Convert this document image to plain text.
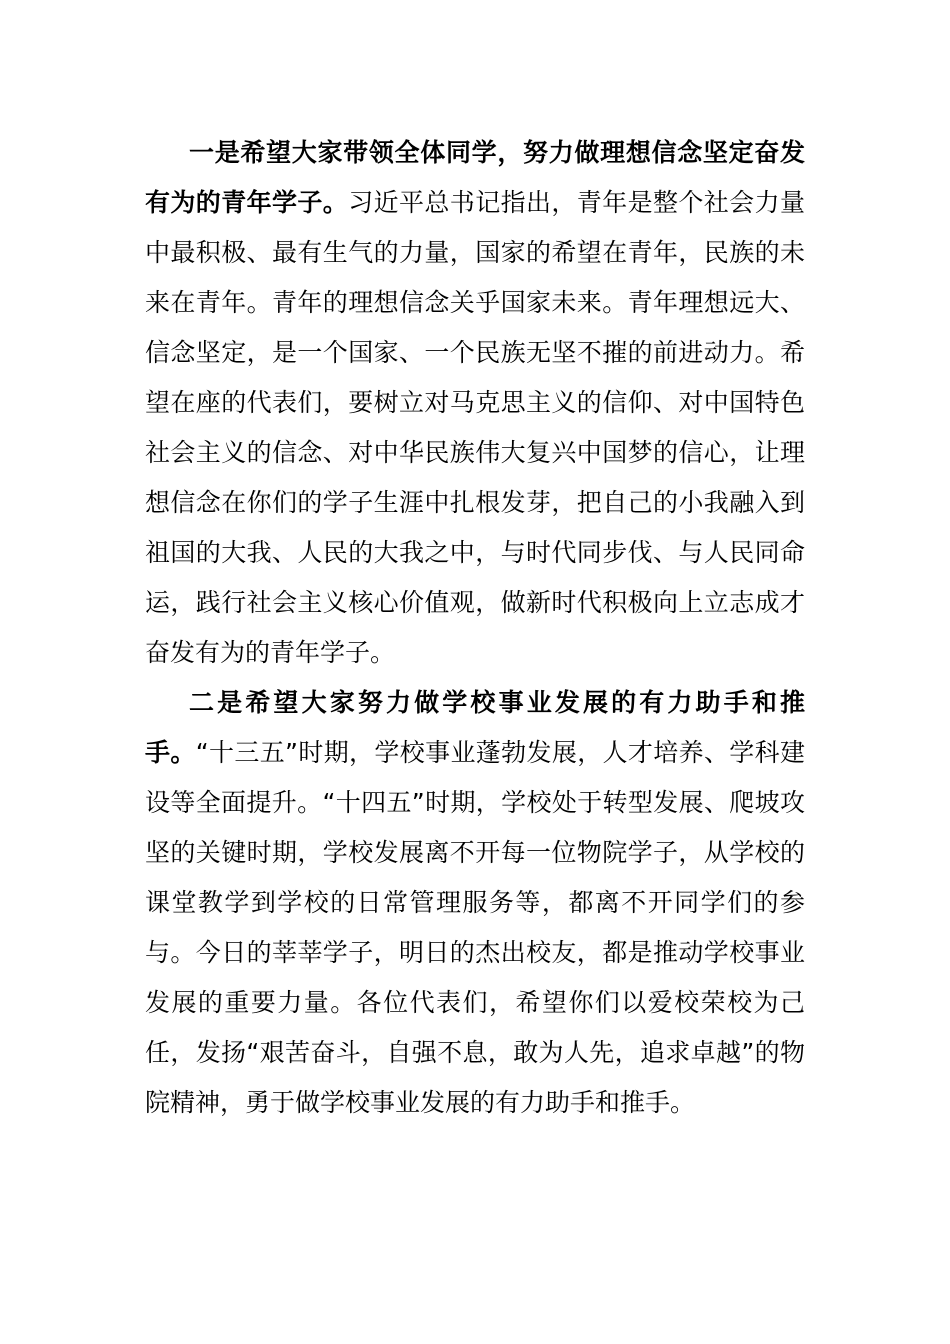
一是希望大家带领全体同学，努力做理想信念坚定奋发有为的青年学子。习近平总书记指出，青年是整个社会力量中最积极、最有生气的力量，国家的希望在青年，民族的未来在青年。青年的理想信念关乎国家未来。青年理想远大、信念坚定，是一个国家、一个民族无坚不摧的前进动力。希望在座的代表们，要树立对马克思主义的信仰、对中国特色社会主义的信念、对中华民族伟大复兴中国梦的信心，让理想信念在你们的学子生涯中扎根发芽，把自己的小我融入到祖国的大我、人民的大我之中，与时代同步伐、与人民同命运，践行社会主义核心价值观，做新时代积极向上立志成才奋发有为的青年学子。

二是希望大家努力做学校事业发展的有力助手和推手。“十三五”时期，学校事业蓬勃发展，人才培养、学科建设等全面提升。“十四五”时期，学校处于转型发展、爬坡攻坚的关键时期，学校发展离不开每一位物院学子，从学校的课堂教学到学校的日常管理服务等，都离不开同学们的参与。今日的莘莘学子，明日的杰出校友，都是推动学校事业发展的重要力量。各位代表们，希望你们以爱校荣校为己任，发扬“艰苦奋斗，自强不息，敢为人先，追求卓越”的物院精神，勇于做学校事业发展的有力助手和推手。
